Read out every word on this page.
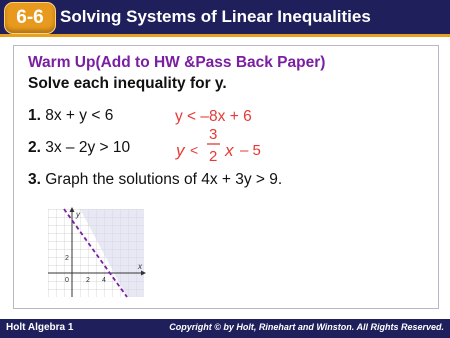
6-6 Solving Systems of Linear Inequalities
Warm Up(Add to HW &Pass Back Paper)
Solve each inequality for y.
1. 8x + y < 6	y < –8x + 6
2. 3x – 2y > 10	y <
3
2 x – 5
3. Graph the solutions of 4x + 3y > 9.
y
x
0
2
2 4
Holt Algebra 1	Copyright © by Holt, Rinehart and Winston. All Rights Reserved.
